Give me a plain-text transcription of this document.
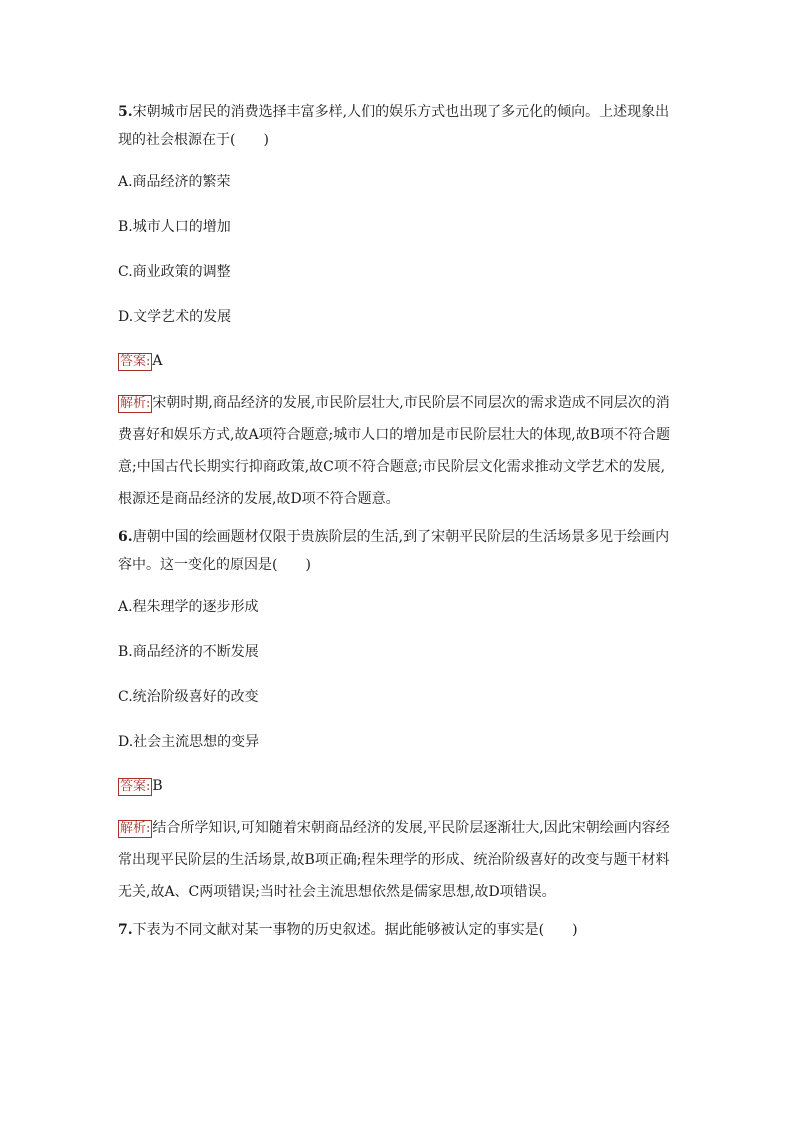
5.宋朝城市居民的消费选择丰富多样,人们的娱乐方式也出现了多元化的倾向。上述现象出现的社会根源在于(　　)

A.商品经济的繁荣

B.城市人口的增加

C.商业政策的调整

D.文学艺术的发展

答案: A

解析: 宋朝时期,商品经济的发展,市民阶层壮大,市民阶层不同层次的需求造成不同层次的消费喜好和娱乐方式,故A项符合题意;城市人口的增加是市民阶层壮大的体现,故B项不符合题意;中国古代长期实行抑商政策,故C项不符合题意;市民阶层文化需求推动文学艺术的发展,根源还是商品经济的发展,故D项不符合题意。

6.唐朝中国的绘画题材仅限于贵族阶层的生活,到了宋朝平民阶层的生活场景多见于绘画内容中。这一变化的原因是(　　)

A.程朱理学的逐步形成

B.商品经济的不断发展

C.统治阶级喜好的改变

D.社会主流思想的变异

答案: B

解析: 结合所学知识,可知随着宋朝商品经济的发展,平民阶层逐渐壮大,因此宋朝绘画内容经常出现平民阶层的生活场景,故B项正确;程朱理学的形成、统治阶级喜好的改变与题干材料无关,故A、C两项错误;当时社会主流思想依然是儒家思想,故D项错误。

7.下表为不同文献对某一事物的历史叙述。据此能够被认定的事实是(　　)
